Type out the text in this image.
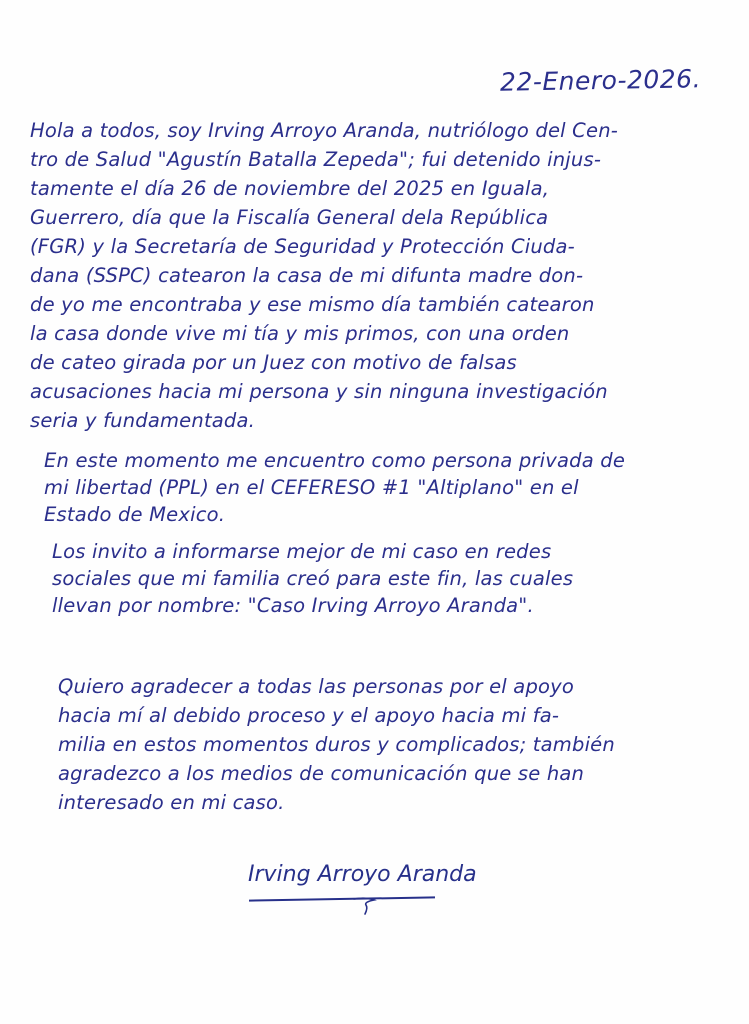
22-Enero-2026.

Hola a todos, soy Irving Arroyo Aranda, nutriólogo del Cen-
tro de Salud "Agustín Batalla Zepeda"; fui detenido injus-
tamente el día 26 de noviembre del 2025 en Iguala,
Guerrero, día que la Fiscalía General dela República
(FGR) y la Secretaría de Seguridad y Protección Ciuda-
dana (SSPC) catearon la casa de mi difunta madre don-
de yo me encontraba y ese mismo día también catearon
la casa donde vive mi tía y mis primos, con una orden
de cateo girada por un Juez con motivo de falsas
acusaciones hacia mi persona y sin ninguna investigación
seria y fundamentada.

En este momento me encuentro como persona privada de
mi libertad (PPL) en el CEFERESO #1 "Altiplano" en el
Estado de Mexico.

Los invito a informarse mejor de mi caso en redes
sociales que mi familia creó para este fin, las cuales
llevan por nombre: "Caso Irving Arroyo Aranda".

Quiero agradecer a todas las personas por el apoyo
hacia mí al debido proceso y el apoyo hacia mi fa-
milia en estos momentos duros y complicados; también
agradezco a los medios de comunicación que se han
interesado en mi caso.

Irving Arroyo Aranda
